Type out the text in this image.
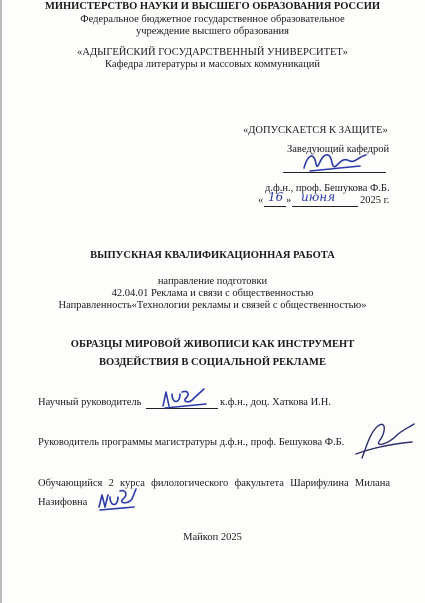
МИНИСТЕРСТВО НАУКИ И ВЫСШЕГО ОБРАЗОВАНИЯ РОССИИ
Федеральное бюджетное государственное образовательное
учреждение высшего образования
«АДЫГЕЙСКИЙ ГОСУДАРСТВЕННЫЙ УНИВЕРСИТЕТ»
Кафедра литературы и массовых коммуникаций
«ДОПУСКАЕТСЯ К ЗАЩИТЕ»
Заведующий кафедрой
д.ф.н., проф. Бешукова Ф.Б.
« 16 » июня 2025 г.
ВЫПУСКНАЯ КВАЛИФИКАЦИОННАЯ РАБОТА
направление подготовки
42.04.01 Реклама и связи с общественностью
Направленность«Технологии рекламы и связей с общественностью»
ОБРАЗЦЫ МИРОВОЙ ЖИВОПИСИ КАК ИНСТРУМЕНТ
ВОЗДЕЙСТВИЯ В СОЦИАЛЬНОЙ РЕКЛАМЕ
Научный руководитель	к.ф.н., доц. Хаткова И.Н.
Руководитель программы магистратуры д.ф.н., проф. Бешукова Ф.Б.
Обучающийся 2 курса филологического факультета Шарифулина Милана
Назифовна
Майкоп 2025
